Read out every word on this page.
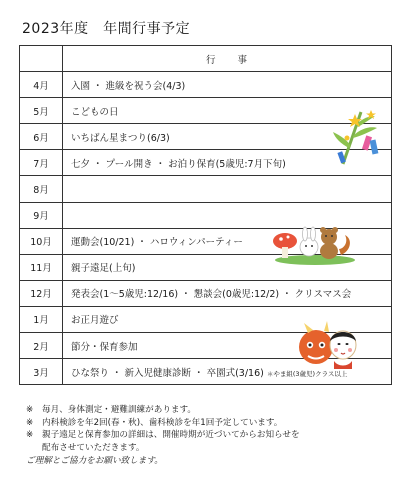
2023年度　年間行事予定
	行　　事
4月	入園 ・ 進級を祝う会(4/3)
5月	こどもの日
6月	いちばん星まつり(6/3)
7月	七夕 ・ プール開き ・ お泊り保育(5歳児:7月下旬)
8月	
9月	
10月	運動会(10/21) ・ ハロウィンパーティー
11月	親子遠足(上旬)
12月	発表会(1〜5歳児:12/16) ・ 懇談会(0歳児:12/2) ・ クリスマス会
1月	お正月遊び
2月	節分・保育参加
3月	ひな祭り ・ 新入児健康診断 ・ 卒園式(3/16) ＊やま組(3歳児)クラス以上
※	毎月、身体測定・避難訓練があります。
※	内科検診を年2回(春・秋)、歯科検診を年1回予定しています。
※	親子遠足と保育参加の詳細は、開催時期が近づいてからお知らせを
配布させていただきます。
ご理解とご協力をお願い致します。
